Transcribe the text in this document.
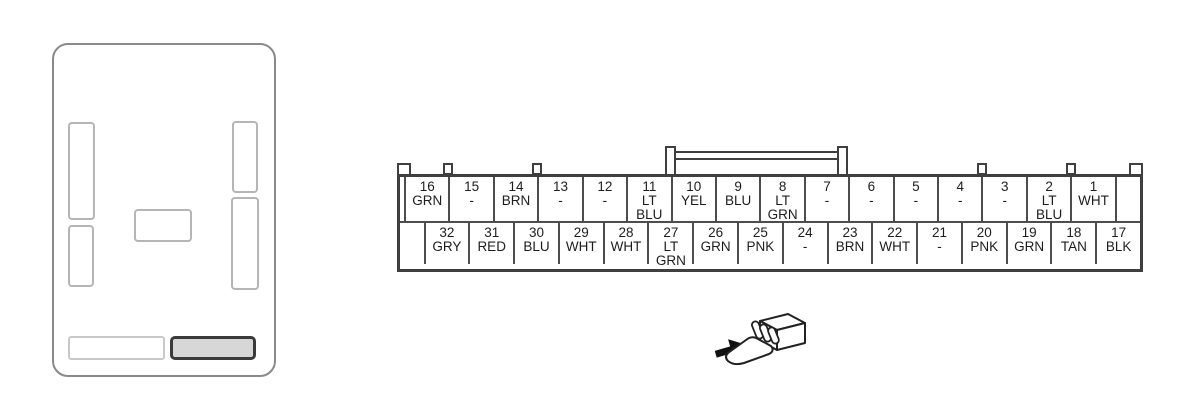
16
GRN
15
-
14
BRN
13
-
12
-
11
LT BLU
10
YEL
9
BLU
8
LT GRN
7
-
6
-
5
-
4
-
3
-
2
LT BLU
1
WHT
32
GRY
31
RED
30
BLU
29
WHT
28
WHT
27
LT GRN
26
GRN
25
PNK
24
-
23
BRN
22
WHT
21
-
20
PNK
19
GRN
18
TAN
17
BLK
